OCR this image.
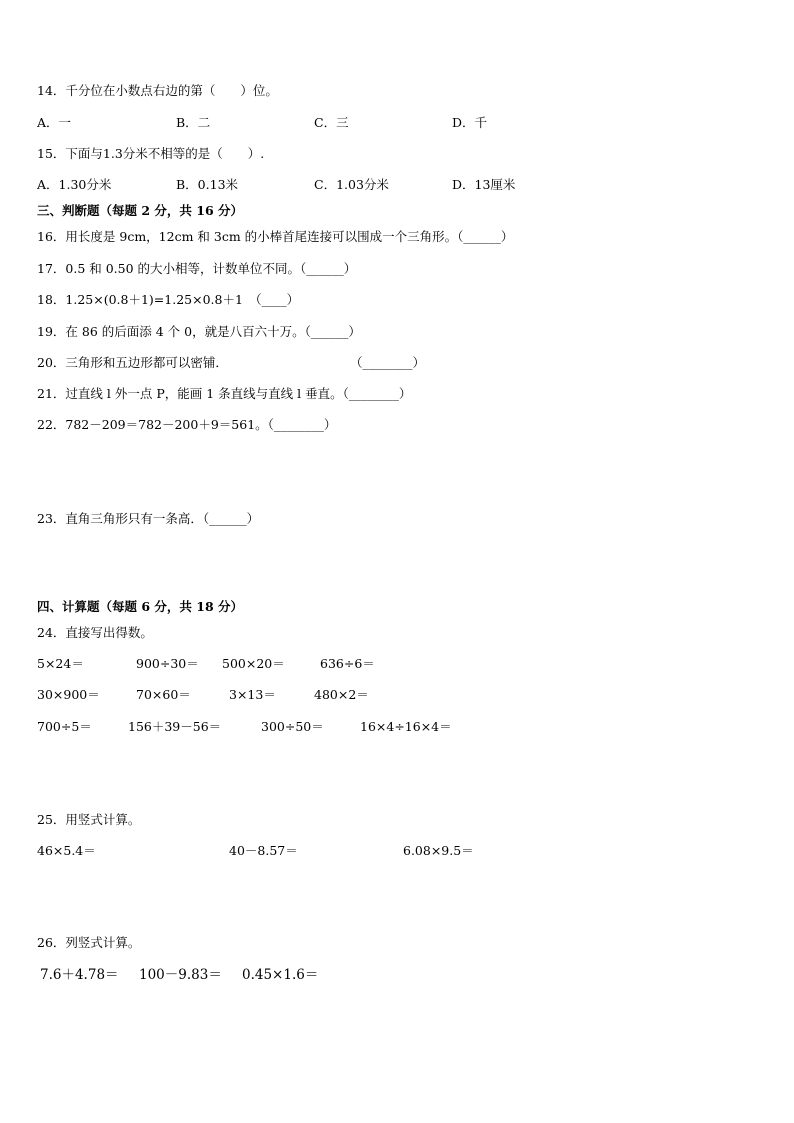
14．千分位在小数点右边的第（　　）位。
A．一	B．二	C．三	D．千
15．下面与1.3分米不相等的是（　　）.
A．1.30分米	B．0.13米	C．1.03分米	D．13厘米
三、判断题（每题 2 分，共 16 分）
16．用长度是 9cm，12cm 和 3cm 的小棒首尾连接可以围成一个三角形。（______）
17．0.5 和 0.50 的大小相等，计数单位不同。（______）
18．1.25×(0.8＋1)=1.25×0.8＋1　（____）
19．在 86 的后面添 4 个 0，就是八百六十万。（______）
20．三角形和五边形都可以密铺．	（________）
21．过直线 l 外一点 P，能画 1 条直线与直线 l 垂直。（________）
22．782－209＝782－200＋9＝561。（________）
23．直角三角形只有一条高．（______）
四、计算题（每题 6 分，共 18 分）
24．直接写出得数。
5×24＝	900÷30＝ 500×20＝	636÷6＝
30×900＝	70×60＝	3×13＝	480×2＝
700÷5＝	156＋39－56＝	300÷50＝	16×4÷16×4＝
25．用竖式计算。
46×5.4＝	40－8.57＝	6.08×9.5＝
26．列竖式计算。
7.6＋4.78＝ 100－9.83＝ 0.45×1.6＝
